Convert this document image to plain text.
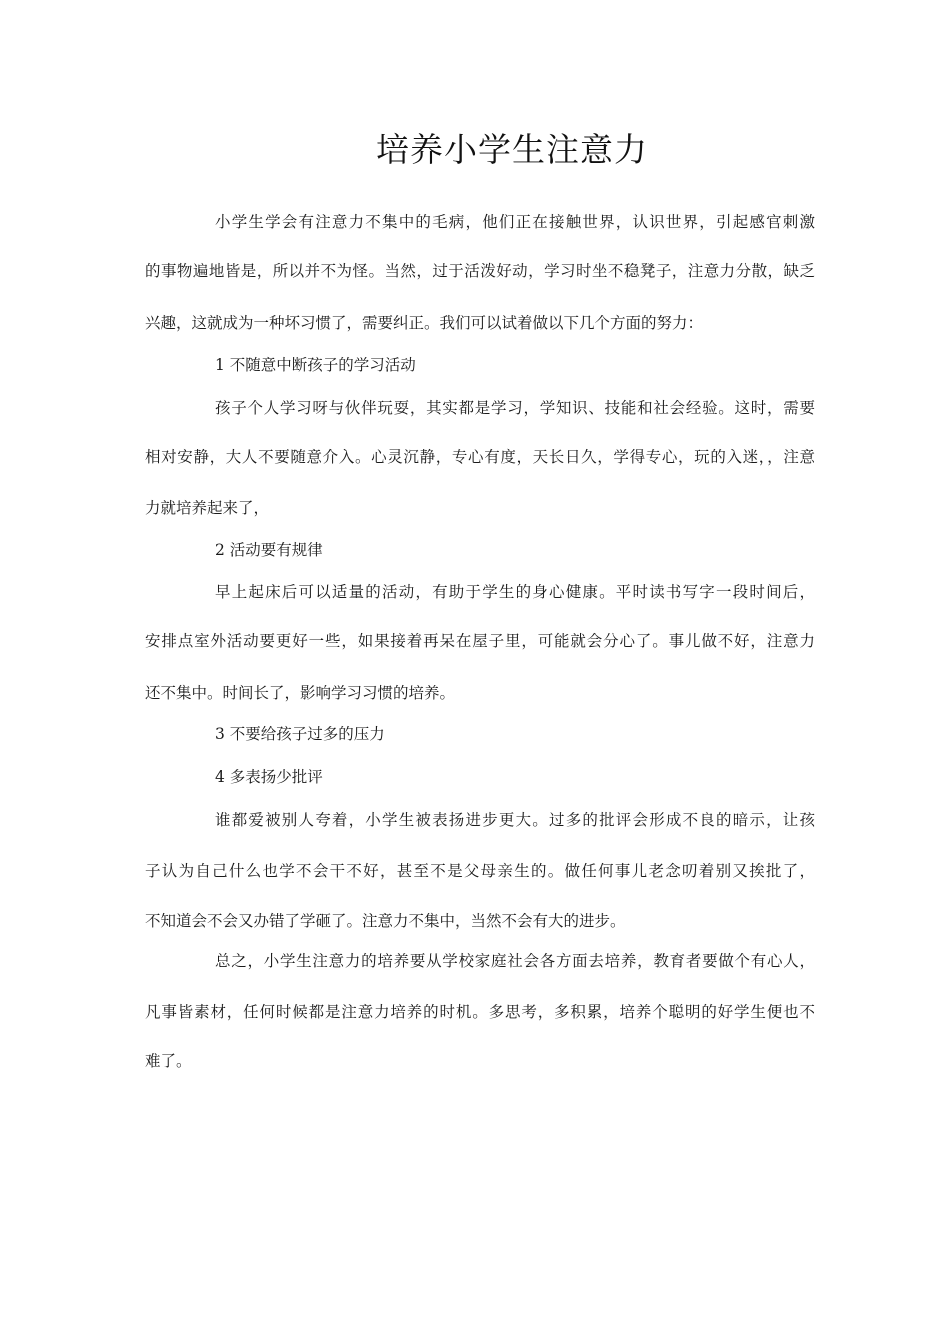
培养小学生注意力

小学生学会有注意力不集中的毛病，他们正在接触世界，认识世界，引起感官刺激

的事物遍地皆是，所以并不为怪。当然，过于活泼好动，学习时坐不稳凳子，注意力分散，缺乏

兴趣，这就成为一种坏习惯了，需要纠正。我们可以试着做以下几个方面的努力：

1 不随意中断孩子的学习活动

孩子个人学习呀与伙伴玩耍，其实都是学习，学知识、技能和社会经验。这时，需要

相对安静，大人不要随意介入。心灵沉静，专心有度，天长日久，学得专心，玩的入迷，，注意

力就培养起来了，

2 活动要有规律

早上起床后可以适量的活动，有助于学生的身心健康。平时读书写字一段时间后，

安排点室外活动要更好一些，如果接着再呆在屋子里，可能就会分心了。事儿做不好，注意力

还不集中。时间长了，影响学习习惯的培养。

3 不要给孩子过多的压力

4 多表扬少批评

谁都爱被别人夸着，小学生被表扬进步更大。过多的批评会形成不良的暗示，让孩

子认为自己什么也学不会干不好，甚至不是父母亲生的。做任何事儿老念叨着别又挨批了，

不知道会不会又办错了学砸了。注意力不集中，当然不会有大的进步。

总之，小学生注意力的培养要从学校家庭社会各方面去培养，教育者要做个有心人，

凡事皆素材，任何时候都是注意力培养的时机。多思考，多积累，培养个聪明的好学生便也不

难了。
